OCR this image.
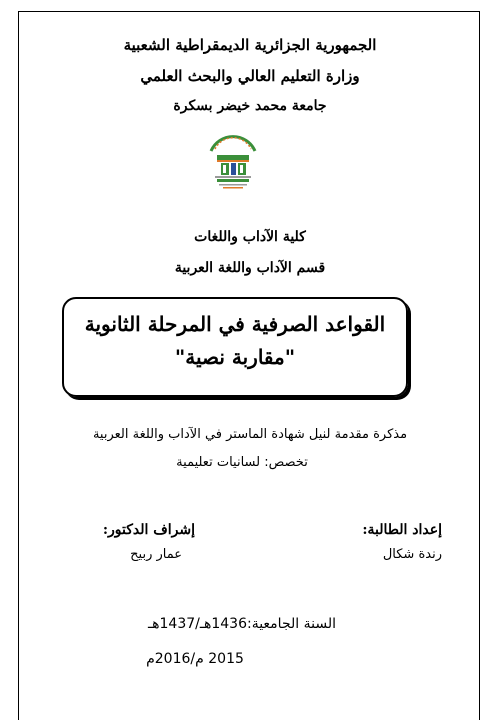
الجمهورية الجزائرية الديمقراطية الشعبية
وزارة التعليم العالي والبحث العلمي
جامعة محمد خيضر بسكرة
كلية الآداب واللغات
قسم الآداب واللغة العربية
القواعد الصرفية في المرحلة الثانوية
"مقاربة نصية"
مذكرة مقدمة لنيل شهادة الماستر في الآداب واللغة العربية
تخصص: لسانيات تعليمية
إعداد الطالبة:
رندة شكال
إشراف الدكتور:
عمار ربيح
السنة الجامعية:1436هـ/1437هـ
2015 م/2016م
